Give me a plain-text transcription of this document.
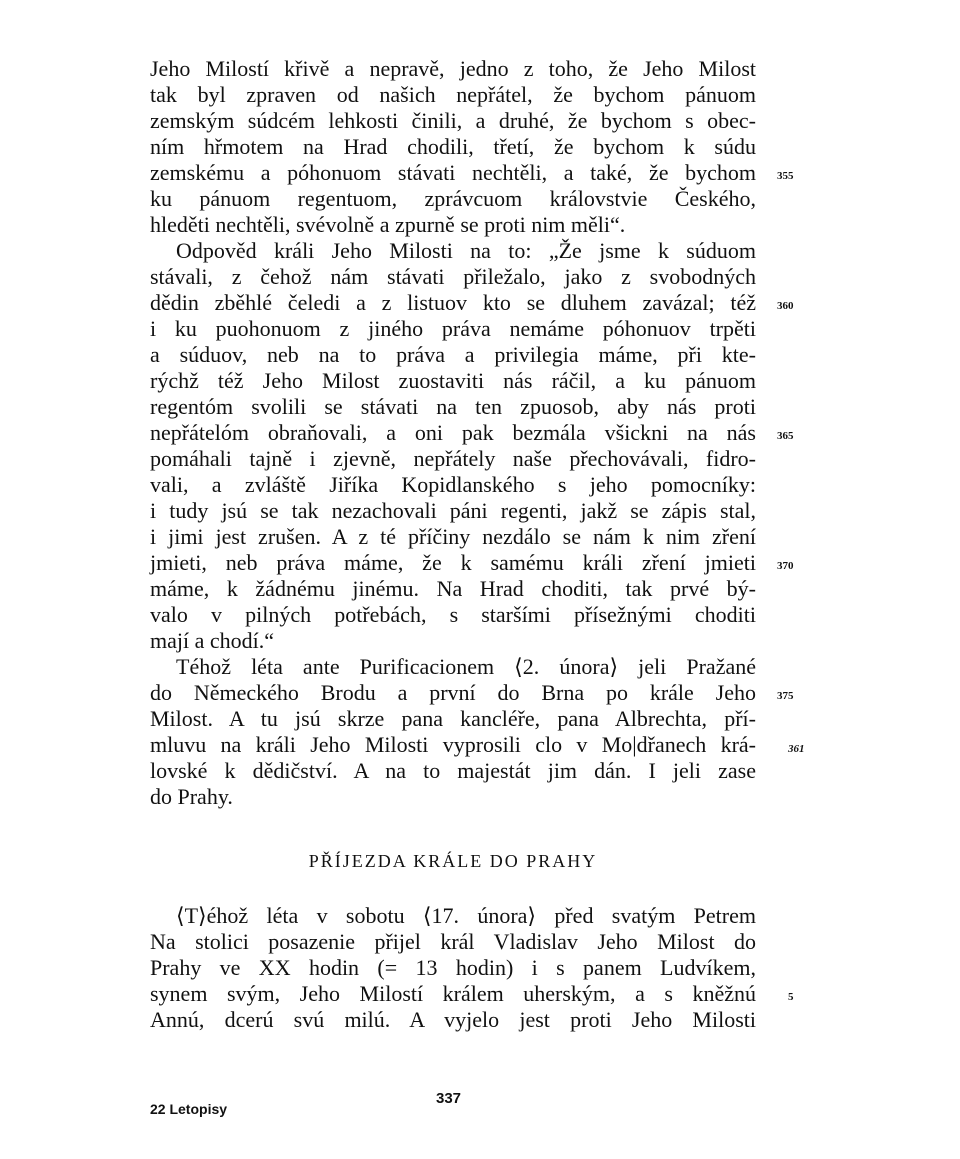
Jeho Milostí křivě a nepravě, jedno z toho, že Jeho Milost
tak byl zpraven od našich nepřátel, že bychom pánuom
zemským súdcém lehkosti činili, a druhé, že bychom s obec-
ním hřmotem na Hrad chodili, třetí, že bychom k súdu
zemskému a póhonuom stávati nechtěli, a také, že bychom
ku pánuom regentuom, zprávcuom královstvie Českého,
hleděti nechtěli, svévolně a zpurně se proti nim měli“.
Odpověd králi Jeho Milosti na to: „Že jsme k súduom
stávali, z čehož nám stávati přiležalo, jako z svobodných
dědin zběhlé čeledi a z listuov kto se dluhem zavázal; též
i ku puohonuom z jiného práva nemáme póhonuov trpěti
a súduov, neb na to práva a privilegia máme, při kte-
rýchž též Jeho Milost zuostaviti nás ráčil, a ku pánuom
regentóm svolili se stávati na ten zpuosob, aby nás proti
nepřátelóm obraňovali, a oni pak bezmála všickni na nás
pomáhali tajně i zjevně, nepřátely naše přechovávali, fidro-
vali, a zvláště Jiříka Kopidlanského s jeho pomocníky:
i tudy jsú se tak nezachovali páni regenti, jakž se zápis stal,
i jimi jest zrušen. A z té příčiny nezdálo se nám k nim zření
jmieti, neb práva máme, že k samému králi zření jmieti
máme, k žádnému jinému. Na Hrad choditi, tak prvé bý-
valo v pilných potřebách, s staršími přísežnými choditi
mají a chodí.“
Téhož léta ante Purificacionem ⟨2. února⟩ jeli Pražané
do Německého Brodu a první do Brna po krále Jeho
Milost. A tu jsú skrze pana kancléře, pana Albrechta, pří-
mluvu na králi Jeho Milosti vyprosili clo v Mo|dřanech krá-
lovské k dědičství. A na to majestát jim dán. I jeli zase
do Prahy.
PŘÍJEZDA KRÁLE DO PRAHY
⟨T⟩éhož léta v sobotu ⟨17. února⟩ před svatým Petrem
Na stolici posazenie přijel král Vladislav Jeho Milost do
Prahy ve XX hodin (= 13 hodin) i s panem Ludvíkem,
synem svým, Jeho Milostí králem uherským, a s kněžnú
Annú, dcerú svú milú. A vyjelo jest proti Jeho Milosti
355
360
365
370
375
361
5
22 Letopisy
337
